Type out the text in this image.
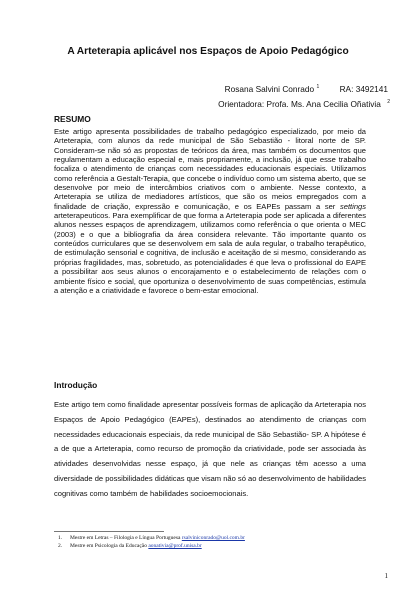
A Arteterapia aplicável nos Espaços de Apoio Pedagógico
Rosana Salvini Conrado $^1$ RA: 3492141
Orientadora: Profa. Ms. Ana Cecilia Oñativia $^2$
RESUMO
Este artigo apresenta possibilidades de trabalho pedagógico especializado, por meio da Arteterapia, com alunos da rede municipal de São Sebastião - litoral norte de SP. Consideram-se não só as propostas de teóricos da área, mas também os documentos que regulamentam a educação especial e, mais propriamente, a inclusão, já que esse trabalho focaliza o atendimento de crianças com necessidades educacionais especiais. Utilizamos como referência a Gestalt-Terapia, que concebe o indivíduo como um sistema aberto, que se desenvolve por meio de intercâmbios criativos com o ambiente. Nesse contexto, a Arteterapia se utiliza de mediadores artísticos, que são os meios empregados com a finalidade de criação, expressão e comunicação, e os EAPEs passam a ser settings arteterapeuticos. Para exemplificar de que forma a Arteterapia pode ser aplicada a diferentes alunos nesses espaços de aprendizagem, utilizamos como referência o que orienta o MEC (2003) e o que a bibliografia da área considera relevante. Tão importante quanto os conteúdos curriculares que se desenvolvem em sala de aula regular, o trabalho terapêutico, de estimulação sensorial e cognitiva, de inclusão e aceitação de si mesmo, considerando as próprias fragilidades, mas, sobretudo, as potencialidades é que leva o profissional do EAPE a possibilitar aos seus alunos o encorajamento e o estabelecimento de relações com o ambiente físico e social, que oportuniza o desenvolvimento de suas competências, estimula a atenção e a criatividade e favorece o bem-estar emocional.
Introdução
Este artigo tem como finalidade apresentar possíveis formas de aplicação da Arteterapia nos Espaços de Apoio Pedagógico (EAPEs), destinados ao atendimento de crianças com necessidades educacionais especiais, da rede municipal de São Sebastião- SP. A hipótese é a de que a Arteterapia, como recurso de promoção da criatividade, pode ser associada às atividades desenvolvidas nesse espaço, já que nele as crianças têm acesso a uma diversidade de possibilidades didáticas que visam não só ao desenvolvimento de habilidades cognitivas como também de habilidades socioemocionais.
1. Mestre em Letras – Filologia e Língua Portuguesa rsalviniconrado@uol.com.br
2. Mestre em Psicologia da Educação aonativia@prof.unisa.br
1
